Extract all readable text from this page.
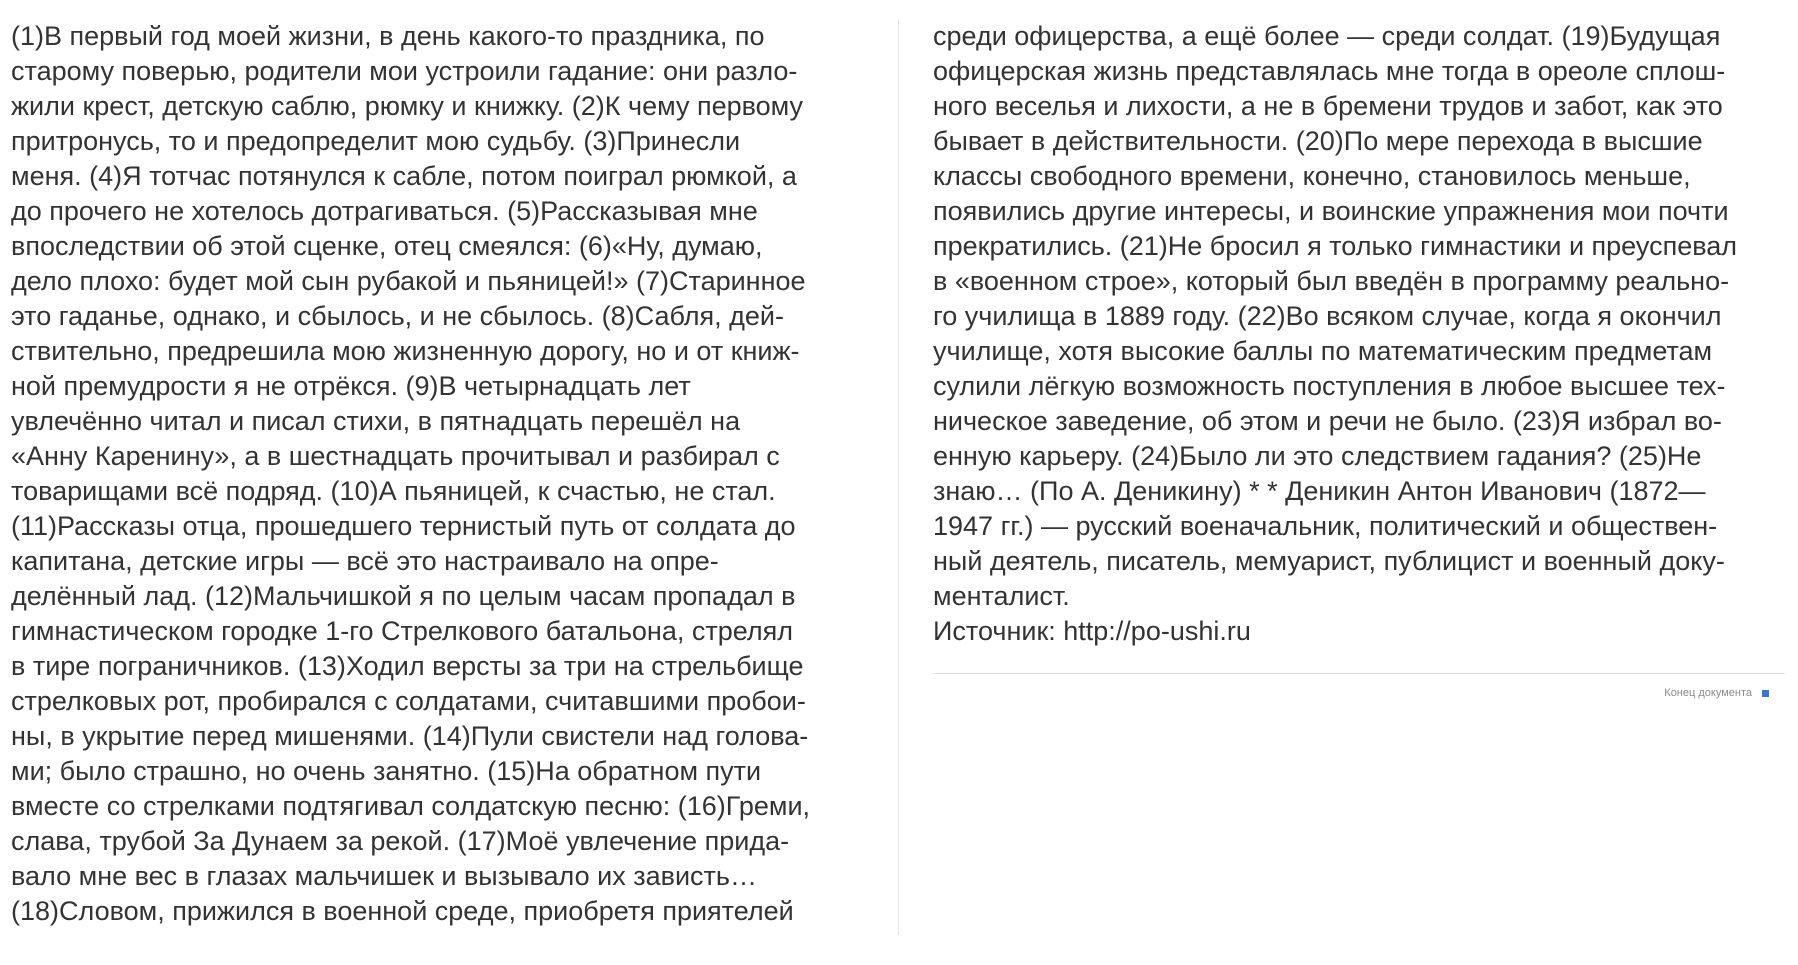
(1)В первый год моей жизни, в день какого-то праздника, по
старому поверью, родители мои устроили гадание: они разло-
жили крест, детскую саблю, рюмку и книжку. (2)К чему первому
притронусь, то и предопределит мою судьбу. (3)Принесли
меня. (4)Я тотчас потянулся к сабле, потом поиграл рюмкой, а
до прочего не хотелось дотрагиваться. (5)Рассказывая мне
впоследствии об этой сценке, отец смеялся: (6)«Ну, думаю,
дело плохо: будет мой сын рубакой и пьяницей!» (7)Старинное
это гаданье, однако, и сбылось, и не сбылось. (8)Сабля, дей-
ствительно, предрешила мою жизненную дорогу, но и от книж-
ной премудрости я не отрёкся. (9)В четырнадцать лет
увлечённо читал и писал стихи, в пятнадцать перешёл на
«Анну Каренину», а в шестнадцать прочитывал и разбирал с
товарищами всё подряд. (10)А пьяницей, к счастью, не стал.
(11)Рассказы отца, прошедшего тернистый путь от солдата до
капитана, детские игры — всё это настраивало на опре-
делённый лад. (12)Мальчишкой я по целым часам пропадал в
гимнастическом городке 1-го Стрелкового батальона, стрелял
в тире пограничников. (13)Ходил версты за три на стрельбище
стрелковых рот, пробирался с солдатами, считавшими пробои-
ны, в укрытие перед мишенями. (14)Пули свистели над голова-
ми; было страшно, но очень занятно. (15)На обратном пути
вместе со стрелками подтягивал солдатскую песню: (16)Греми,
слава, трубой За Дунаем за рекой. (17)Моё увлечение прида-
вало мне вес в глазах мальчишек и вызывало их зависть…
(18)Словом, прижился в военной среде, приобретя приятелей
среди офицерства, а ещё более — среди солдат. (19)Будущая
офицерская жизнь представлялась мне тогда в ореоле сплош-
ного веселья и лихости, а не в бремени трудов и забот, как это
бывает в действительности. (20)По мере перехода в высшие
классы свободного времени, конечно, становилось меньше,
появились другие интересы, и воинские упражнения мои почти
прекратились. (21)Не бросил я только гимнастики и преуспевал
в «военном строе», который был введён в программу реально-
го училища в 1889 году. (22)Во всяком случае, когда я окончил
училище, хотя высокие баллы по математическим предметам
сулили лёгкую возможность поступления в любое высшее тех-
ническое заведение, об этом и речи не было. (23)Я избрал во-
енную карьеру. (24)Было ли это следствием гадания? (25)Не
знаю… (По А. Деникину) * * Деникин Антон Иванович (1872—
1947 гг.) — русский военачальник, политический и обществен-
ный деятель, писатель, мемуарист, публицист и военный доку-
менталист.
Источник: http://po-ushi.ru
Конец документа
